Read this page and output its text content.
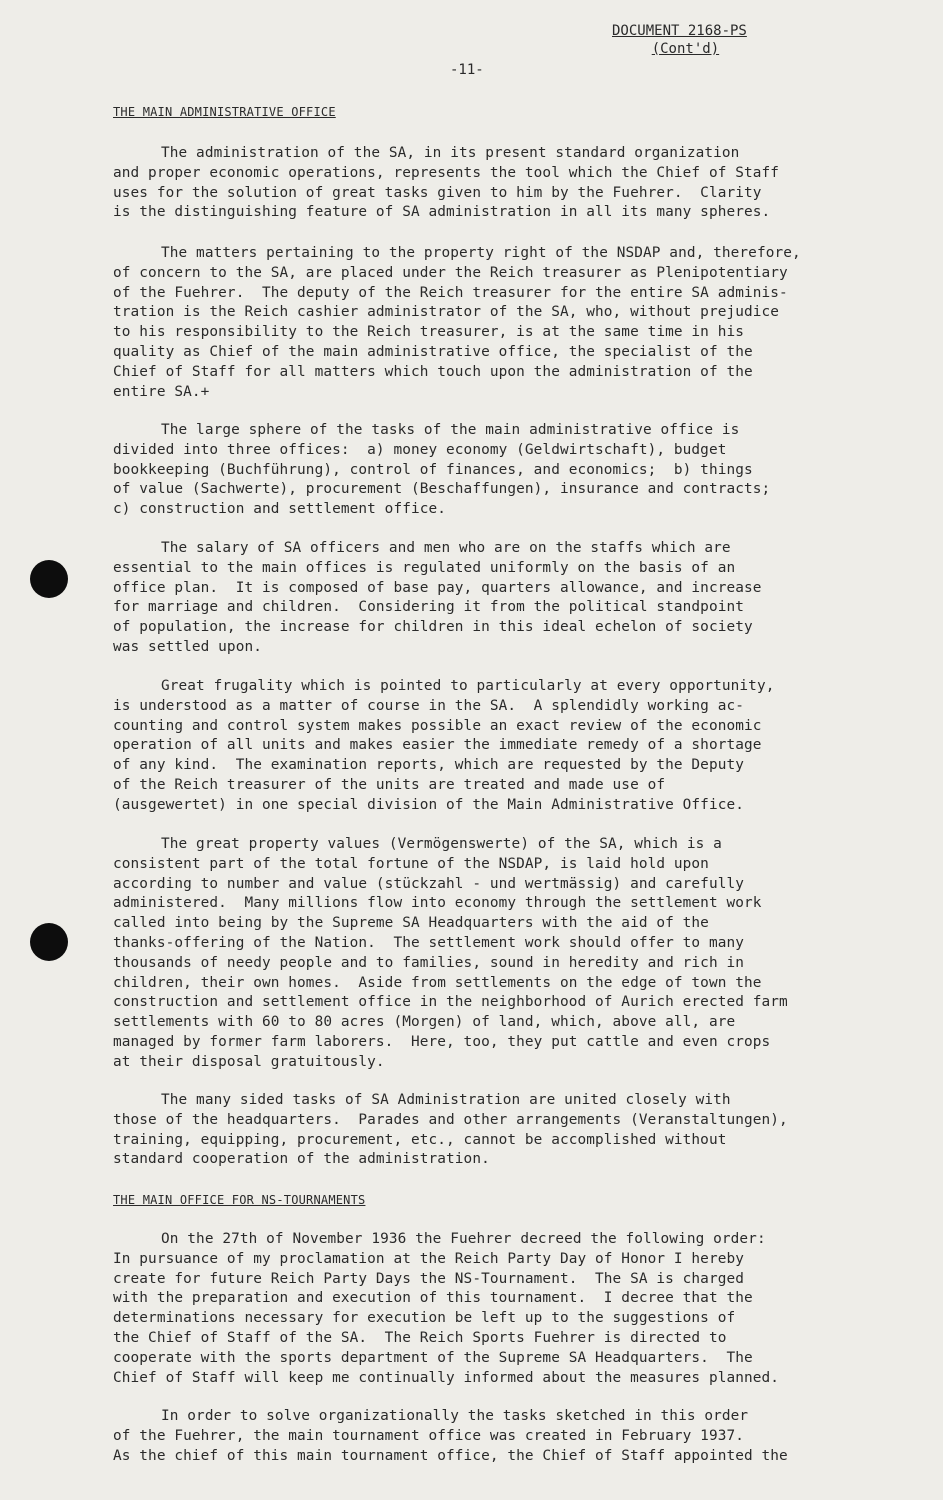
DOCUMENT 2168-PS
(Cont'd)
-11-
THE MAIN ADMINISTRATIVE OFFICE
The administration of the SA, in its present standard organization
and proper economic operations, represents the tool which the Chief of Staff
uses for the solution of great tasks given to him by the Fuehrer.  Clarity
is the distinguishing feature of SA administration in all its many spheres.
The matters pertaining to the property right of the NSDAP and, therefore,
of concern to the SA, are placed under the Reich treasurer as Plenipotentiary
of the Fuehrer.  The deputy of the Reich treasurer for the entire SA adminis-
tration is the Reich cashier administrator of the SA, who, without prejudice
to his responsibility to the Reich treasurer, is at the same time in his
quality as Chief of the main administrative office, the specialist of the
Chief of Staff for all matters which touch upon the administration of the
entire SA.+
The large sphere of the tasks of the main administrative office is
divided into three offices:  a) money economy (Geldwirtschaft), budget
bookkeeping (Buchführung), control of finances, and economics;  b) things
of value (Sachwerte), procurement (Beschaffungen), insurance and contracts;
c) construction and settlement office.
The salary of SA officers and men who are on the staffs which are
essential to the main offices is regulated uniformly on the basis of an
office plan.  It is composed of base pay, quarters allowance, and increase
for marriage and children.  Considering it from the political standpoint
of population, the increase for children in this ideal echelon of society
was settled upon.
Great frugality which is pointed to particularly at every opportunity,
is understood as a matter of course in the SA.  A splendidly working ac-
counting and control system makes possible an exact review of the economic
operation of all units and makes easier the immediate remedy of a shortage
of any kind.  The examination reports, which are requested by the Deputy
of the Reich treasurer of the units are treated and made use of
(ausgewertet) in one special division of the Main Administrative Office.
The great property values (Vermögenswerte) of the SA, which is a
consistent part of the total fortune of the NSDAP, is laid hold upon
according to number and value (stückzahl - und wertmässig) and carefully
administered.  Many millions flow into economy through the settlement work
called into being by the Supreme SA Headquarters with the aid of the
thanks-offering of the Nation.  The settlement work should offer to many
thousands of needy people and to families, sound in heredity and rich in
children, their own homes.  Aside from settlements on the edge of town the
construction and settlement office in the neighborhood of Aurich erected farm
settlements with 60 to 80 acres (Morgen) of land, which, above all, are
managed by former farm laborers.  Here, too, they put cattle and even crops
at their disposal gratuitously.
The many sided tasks of SA Administration are united closely with
those of the headquarters.  Parades and other arrangements (Veranstaltungen),
training, equipping, procurement, etc., cannot be accomplished without
standard cooperation of the administration.
THE MAIN OFFICE FOR NS-TOURNAMENTS
On the 27th of November 1936 the Fuehrer decreed the following order:
In pursuance of my proclamation at the Reich Party Day of Honor I hereby
create for future Reich Party Days the NS-Tournament.  The SA is charged
with the preparation and execution of this tournament.  I decree that the
determinations necessary for execution be left up to the suggestions of
the Chief of Staff of the SA.  The Reich Sports Fuehrer is directed to
cooperate with the sports department of the Supreme SA Headquarters.  The
Chief of Staff will keep me continually informed about the measures planned.
In order to solve organizationally the tasks sketched in this order
of the Fuehrer, the main tournament office was created in February 1937.
As the chief of this main tournament office, the Chief of Staff appointed the
